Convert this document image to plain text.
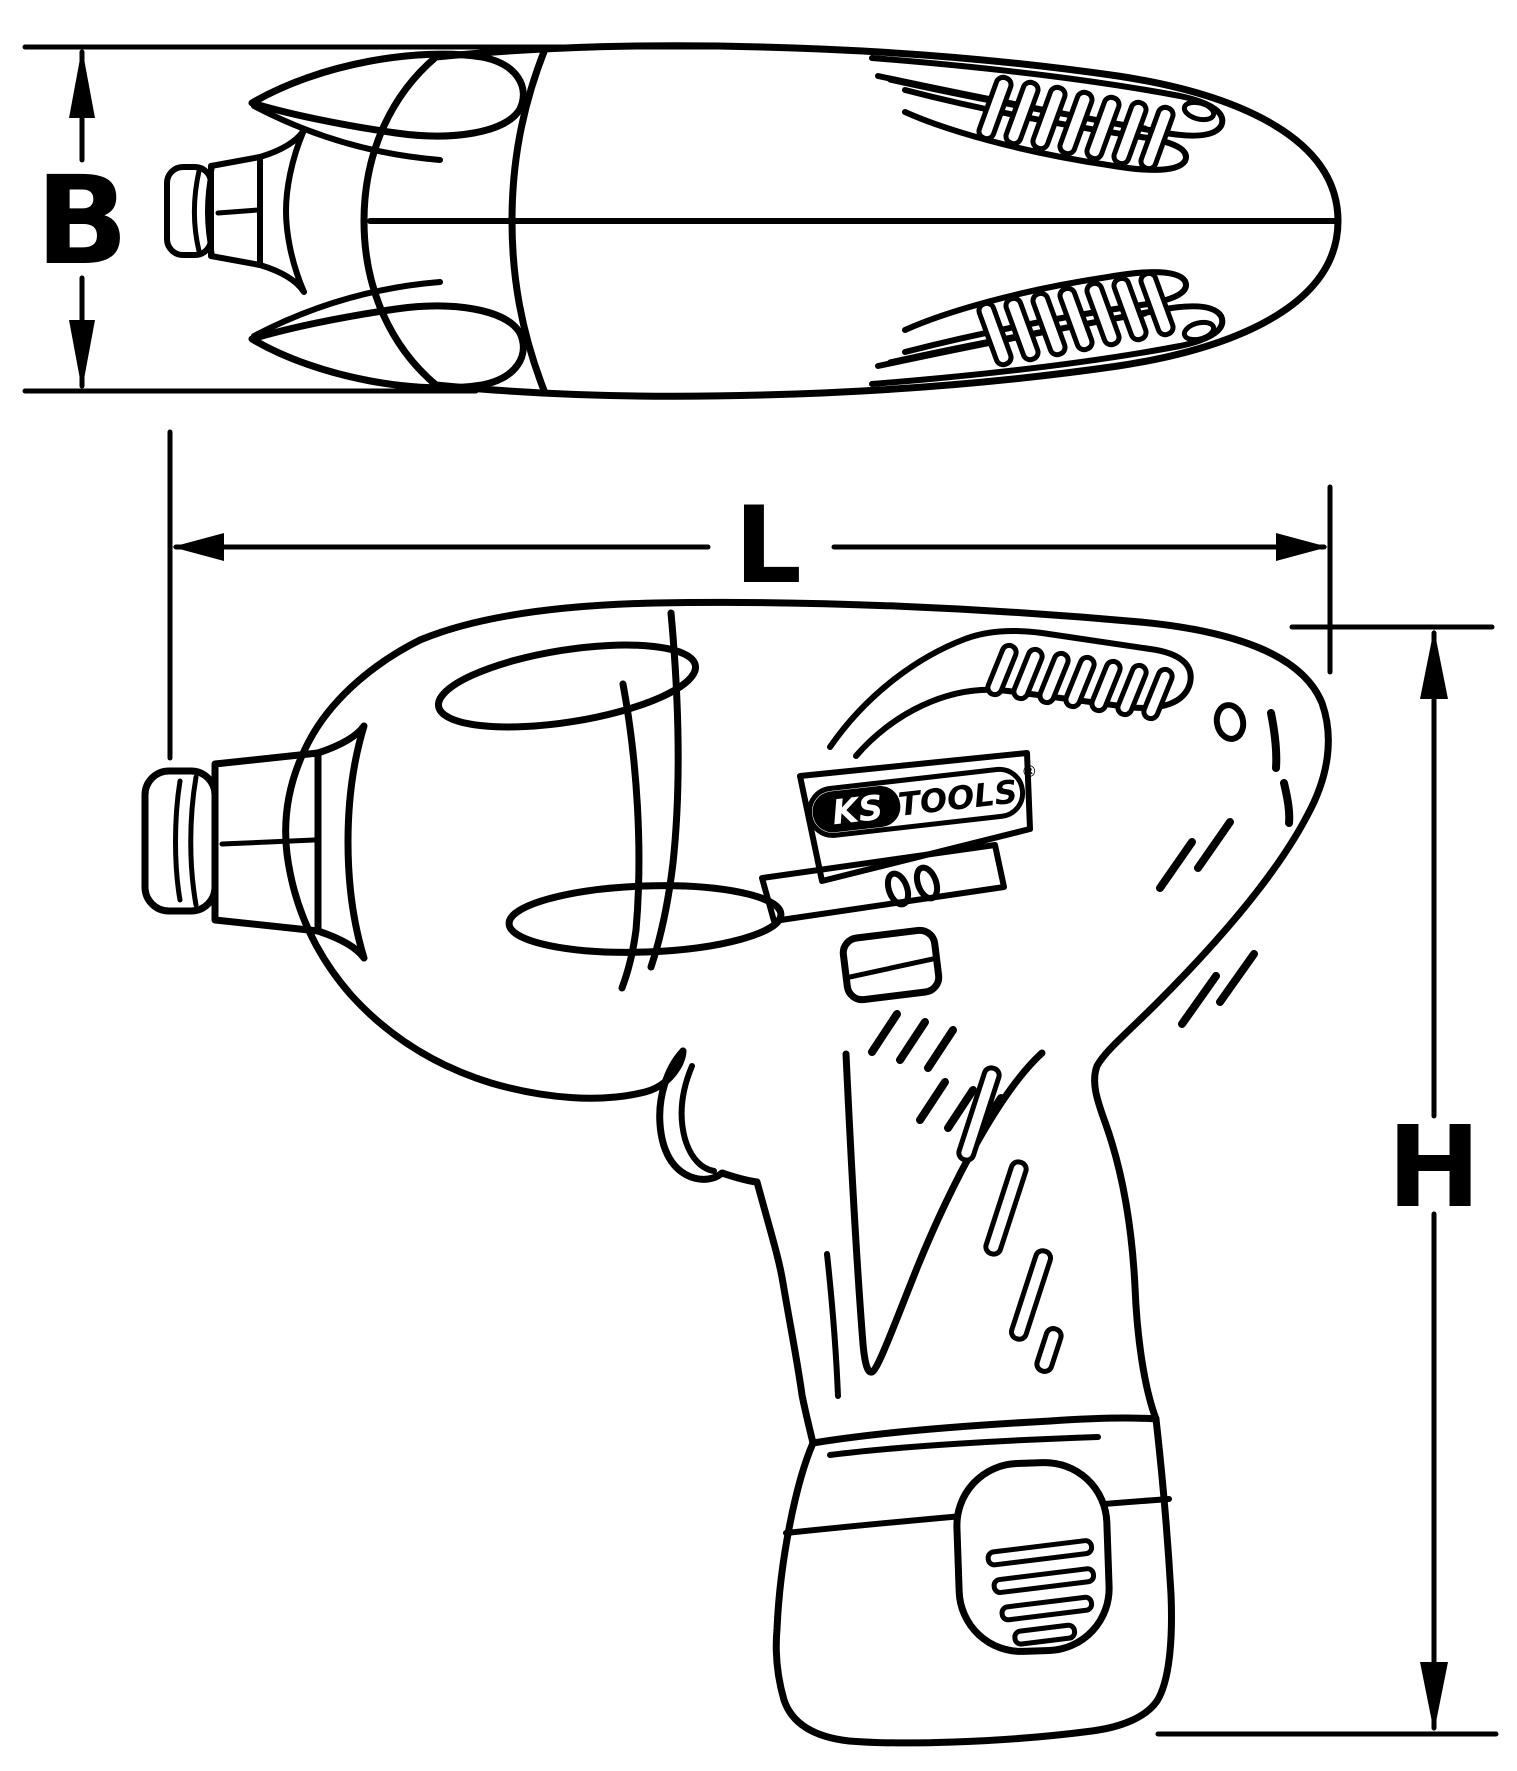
B
L
H
KS TOOLS
®
